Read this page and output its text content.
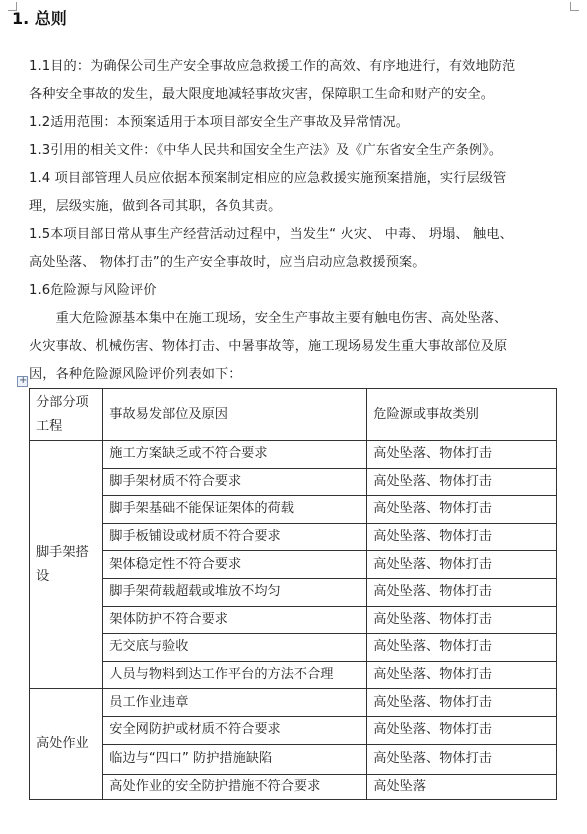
1. 总则
1.1目的：为确保公司生产安全事故应急救援工作的高效、有序地进行，有效地防范
各种安全事故的发生，最大限度地减轻事故灾害，保障职工生命和财产的安全。
1.2适用范围：本预案适用于本项目部安全生产事故及异常情况。
1.3引用的相关文件：《中华人民共和国安全生产法》及《广东省安全生产条例》。
1.4 项目部管理人员应依据本预案制定相应的应急救援实施预案措施，实行层级管
理，层级实施，做到各司其职，各负其责。
1.5本项目部日常从事生产经营活动过程中，当发生“ 火灾、 中毒、 坍塌、 触电、
高处坠落、 物体打击”的生产安全事故时，应当启动应急救援预案。
1.6危险源与风险评价
　　重大危险源基本集中在施工现场，安全生产事故主要有触电伤害、高处坠落、
火灾事故、机械伤害、物体打击、中暑事故等，施工现场易发生重大事故部位及原
因，各种危险源风险评价列表如下：
+
分部分项工程	事故易发部位及原因	危险源或事故类别
脚手架搭设	施工方案缺乏或不符合要求	高处坠落、物体打击
	脚手架材质不符合要求	高处坠落、物体打击
	脚手架基础不能保证架体的荷载	高处坠落、物体打击
	脚手板铺设或材质不符合要求	高处坠落、物体打击
	架体稳定性不符合要求	高处坠落、物体打击
	脚手架荷载超载或堆放不均匀	高处坠落、物体打击
	架体防护不符合要求	高处坠落、物体打击
	无交底与验收	高处坠落、物体打击
	人员与物料到达工作平台的方法不合理	高处坠落、物体打击
高处作业	员工作业违章	高处坠落、物体打击
	安全网防护或材质不符合要求	高处坠落、物体打击
	临边与“四口” 防护措施缺陷	高处坠落、物体打击
	高处作业的安全防护措施不符合要求	高处坠落
